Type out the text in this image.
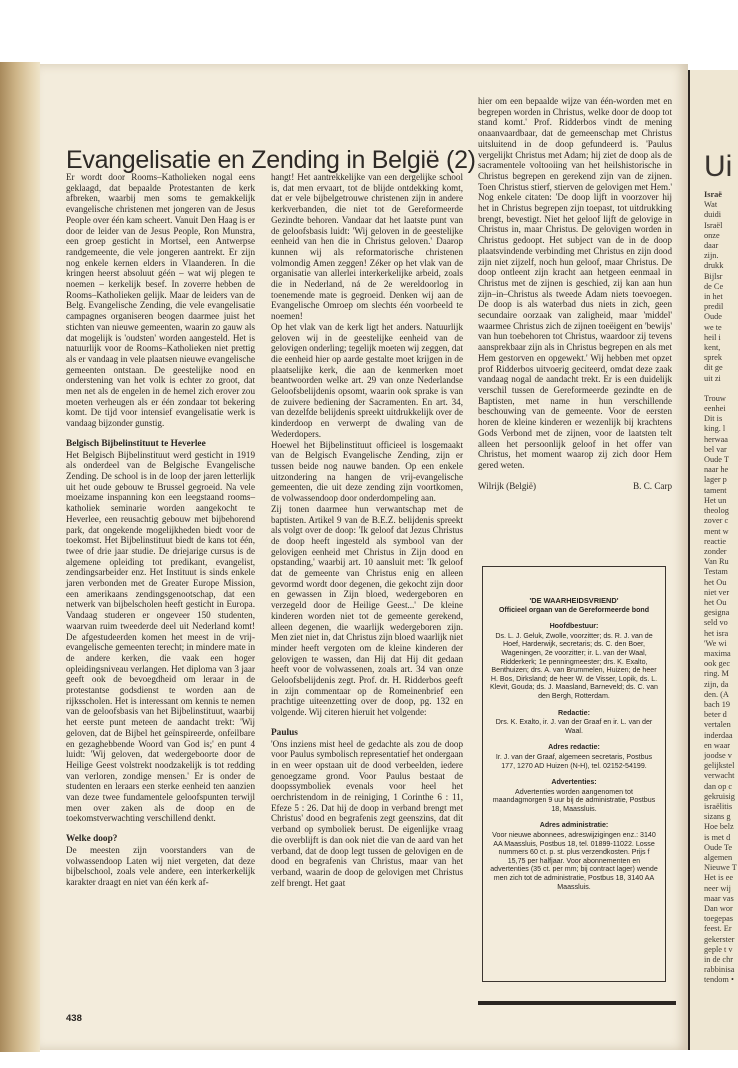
Ui
Israë
Wat
duidi
Israël
onze
daar
zijn.
drukk
Bijlsr
de Ce
in het
predil
Oude
we te
heil i
kent,
sprek
dit ge
uit zi
Trouw
eenhei
Dit is
king. l
herwaa
bel var
Oude T
naar he
lager p
tament
Het un
theolog
zover c
ment w
reactie
zonder
Van Ru
Testam
het Ou
niet ver
het Ou
gesigna
seld vo
het isra
'We wi
maxima
ook gec
ring. M
zijn, da
den. (A
bach 19
beter d
vertalen
inderdaa
en waar
joodse v
gelijkstel
verwacht
dan op c
gekruisig
israëlitis
sizans g
Hoe belz
is met d
Oude Te
algemen
Nieuwe T
Het is ee
neer wij
maar vas
Dan wor
toegepas
feest. Er
gekerster
geple t v
in de chr
rabbinisa
tendom •
Evangelisatie en Zending in België (2)

Er wordt door Rooms–Katholieken nogal eens geklaagd, dat bepaalde Protestanten de kerk afbreken, waarbij men soms te gemakkelijk evangelische christenen met jongeren van de Jesus People over één kam scheert. Vanuit Den Haag is er door de leider van de Jesus People, Ron Munstra, een groep gesticht in Mortsel, een Antwerpse randgemeente, die vele jongeren aantrekt. Er zijn nog enkele kernen elders in Vlaanderen. In die kringen heerst absoluut géén – wat wij plegen te noemen – kerkelijk besef. In zoverre hebben de Rooms–Katholieken gelijk. Maar de leiders van de Belg. Evangelische Zending, die vele evangelisatie campagnes organiseren beogen daarmee juist het stichten van nieuwe gemeenten, waarin zo gauw als dat mogelijk is 'oudsten' worden aangesteld. Het is natuurlijk voor de Rooms–Katholieken niet prettig als er vandaag in vele plaatsen nieuwe evangelische gemeenten ontstaan. De geestelijke nood en onderstening van het volk is echter zo groot, dat men net als de engelen in de hemel zich erover zou moeten verheugen als er één zondaar tot bekering komt. De tijd voor intensief evangelisatie werk is vandaag bijzonder gunstig.

Belgisch Bijbelinstituut te Heverlee

Het Belgisch Bijbelinstituut werd gesticht in 1919 als onderdeel van de Belgische Evangelische Zending. De school is in de loop der jaren letterlijk uit het oude gebouw te Brussel gegroeid. Na vele moeizame inspanning kon een leegstaand rooms–katholiek seminarie worden aangekocht te Heverlee, een reusachtig gebouw met bijbehorend park, dat ongekende mogelijkheden biedt voor de toekomst. Het Bijbelinstituut biedt de kans tot één, twee of drie jaar studie. De driejarige cursus is de algemene opleiding tot predikant, evangelist, zendingsarbeider enz. Het Instituut is sinds enkele jaren verbonden met de Greater Europe Mission, een amerikaans zendingsgenootschap, dat een netwerk van bijbelscholen heeft gesticht in Europa. Vandaag studeren er ongeveer 150 studenten, waarvan ruim tweederde deel uit Nederland komt! De afgestudeerden komen het meest in de vrij-evangelische gemeenten terecht; in mindere mate in de andere kerken, die vaak een hoger opleidingsniveau verlangen. Het diploma van 3 jaar geeft ook de bevoegdheid om leraar in de protestantse godsdienst te worden aan de rijksscholen. Het is interessant om kennis te nemen van de geloofsbasis van het Bijbelinstituut, waarbij het eerste punt meteen de aandacht trekt: 'Wij geloven, dat de Bijbel het geïnspireerde, onfeilbare en gezaghebbende Woord van God is;' en punt 4 luidt: 'Wij geloven, dat wedergeboorte door de Heilige Geest volstrekt noodzakelijk is tot redding van verloren, zondige mensen.' Er is onder de studenten en leraars een sterke eenheid ten aanzien van deze twee fundamentele geloofspunten terwijl men over zaken als de doop en de toekomstverwachting verschillend denkt.

Welke doop?

De meesten zijn voorstanders van de volwassendoop Laten wij niet vergeten, dat deze bijbelschool, zoals vele andere, een interkerkelijk karakter draagt en niet van één kerk af-

hangt! Het aantrekkelijke van een dergelijke school is, dat men ervaart, tot de blijde ontdekking komt, dat er vele bijbelgetrouwe christenen zijn in andere kerkverbanden, die niet tot de Gereformeerde Gezindte behoren. Vandaar dat het laatste punt van de geloofsbasis luidt: 'Wij geloven in de geestelijke eenheid van hen die in Christus geloven.' Daarop kunnen wij als reformatorische christenen volmondig Amen zeggen! Zéker op het vlak van de organisatie van allerlei interkerkelijke arbeid, zoals die in Nederland, ná de 2e wereldoorlog in toenemende mate is gegroeid. Denken wij aan de Evangelische Omroep om slechts één voorbeeld te noemen!

Op het vlak van de kerk ligt het anders. Natuurlijk geloven wij in de geestelijke eenheid van de gelovigen onderling; tegelijk moeten wij zeggen, dat die eenheid hier op aarde gestalte moet krijgen in de plaatselijke kerk, die aan de kenmerken moet beantwoorden welke art. 29 van onze Nederlandse Geloofsbelijdenis opsomt, waarin ook sprake is van de zuivere bediening der Sacramenten. En art. 34, van dezelfde belijdenis spreekt uitdrukkelijk over de kinderdoop en verwerpt de dwaling van de Wederdopers.

Hoewel het Bijbelinstituut officieel is losgemaakt van de Belgisch Evangelische Zending, zijn er tussen beide nog nauwe banden. Op een enkele uitzondering na hangen de vrij-evangelische gemeenten, die uit deze zending zijn voortkomen, de volwassendoop door onderdompeling aan.

Zij tonen daarmee hun verwantschap met de baptisten. Artikel 9 van de B.E.Z. belijdenis spreekt als volgt over de doop: 'Ik geloof dat Jezus Christus de doop heeft ingesteld als symbool van der gelovigen eenheid met Christus in Zijn dood en opstanding,' waarbij art. 10 aansluit met: 'Ik geloof dat de gemeente van Christus enig en alleen gevormd wordt door degenen, die gekocht zijn door en gewassen in Zijn bloed, wedergeboren en verzegeld door de Heilige Geest...' De kleine kinderen worden niet tot de gemeente gerekend, alleen degenen, die waarlijk wedergeboren zijn. Men ziet niet in, dat Christus zijn bloed waarlijk niet minder heeft vergoten om de kleine kinderen der gelovigen te wassen, dan Hij dat Hij dit gedaan heeft voor de volwassenen, zoals art. 34 van onze Geloofsbelijdenis zegt. Prof. dr. H. Ridderbos geeft in zijn commentaar op de Romeinenbrief een prachtige uiteenzetting over de doop, pg. 132 en volgende. Wij citeren hieruit het volgende:

Paulus

'Ons inziens mist heel de gedachte als zou de doop voor Paulus symbolisch representatief het ondergaan in en weer opstaan uit de dood verbeelden, iedere genoegzame grond. Voor Paulus bestaat de doopssymboliek evenals voor heel het oerchristendom in de reiniging, 1 Corinthe 6 : 11, Efeze 5 : 26. Dat hij de doop in verband brengt met Christus' dood en begrafenis zegt geenszins, dat dit verband op symboliek berust. De eigenlijke vraag die overblijft is dan ook niet die van de aard van het verband, dat de doop legt tussen de gelovigen en de dood en begrafenis van Christus, maar van het verband, waarin de doop de gelovigen met Christus zelf brengt. Het gaat

hier om een bepaalde wijze van één-worden met en begrepen worden in Christus, welke door de doop tot stand komt.' Prof. Ridderbos vindt de mening onaanvaardbaar, dat de gemeenschap met Christus uitsluitend in de doop gefundeerd is. 'Paulus vergelijkt Christus met Adam; hij ziet de doop als de sacramentele voltooiing van het heilshistorische in Christus begrepen en gerekend zijn van de zijnen. Toen Christus stierf, stierven de gelovigen met Hem.' Nog enkele citaten: 'De doop lijft in voorzover hij het in Christus begrepen zijn toepast, tot uitdrukking brengt, bevestigt. Niet het geloof lijft de gelovige in Christus in, maar Christus. De gelovigen worden in Christus gedoopt. Het subject van de in de doop plaatsvindende verbinding met Christus en zijn dood zijn niet zijzelf, noch hun geloof, maar Christus. De doop ontleent zijn kracht aan hetgeen eenmaal in Christus met de zijnen is geschied, zij kan aan hun zijn–in–Christus als tweede Adam niets toevoegen. De doop is als waterbad dus niets in zich, geen secundaire oorzaak van zaligheid, maar 'middel' waarmee Christus zich de zijnen toeëigent en 'bewijs' van hun toebehoren tot Christus, waardoor zij tevens aansprekbaar zijn als in Christus begrepen en als met Hem gestorven en opgewekt.' Wij hebben met opzet prof Ridderbos uitvoerig geciteerd, omdat deze zaak vandaag nogal de aandacht trekt. Er is een duidelijk verschil tussen de Gereformeerde gezindte en de Baptisten, met name in hun verschillende beschouwing van de gemeente. Voor de eersten horen de kleine kinderen er wezenlijk bij krachtens Gods Verbond met de zijnen, voor de laatsten telt alleen het persoonlijk geloof in het offer van Christus, het moment waarop zij zich door Hem gered weten.

Wilrijk (België)	B. C. Carp
'DE WAARHEIDSVRIEND'
Officieel orgaan van de Gereformeerde bond
Hoofdbestuur:

Ds. L. J. Geluk, Zwolle, voorzitter; ds. R. J. van de Hoef, Harderwijk, secretaris; ds. C. den Boer, Wageningen, 2e voorzitter; ir. L. van der Waal, Ridderkerk; 1e penningmeester; drs. K. Exalto, Benthuizen; drs. A. van Brummelen, Huizen; de heer H. Bos, Dirksland; de heer W. de Visser, Lopik, ds. L. Klevit, Gouda; ds. J. Maasland, Barneveld; ds. C. van den Bergh, Rotterdam.

Redactie:

Drs. K. Exalto, ir. J. van der Graaf en ir. L. van der Waal.

Adres redactie:

Ir. J. van der Graaf, algemeen secretaris, Postbus 177, 1270 AD Huizen (N-H), tel. 02152-54199.

Advertenties:

Advertenties worden aangenomen tot maandagmorgen 9 uur bij de administratie, Postbus 18, Maassluis.

Adres administratie:

Voor nieuwe abonnees, adreswijzigingen enz.: 3140 AA Maassluis, Postbus 18, tel. 01899-11022. Losse nummers 60 ct. p. st. plus verzendkosten. Prijs f 15,75 per halfjaar. Voor abonnementen en advertenties (35 ct. per mm; bij contract lager) wende men zich tot de administratie, Postbus 18, 3140 AA Maassluis.

438
